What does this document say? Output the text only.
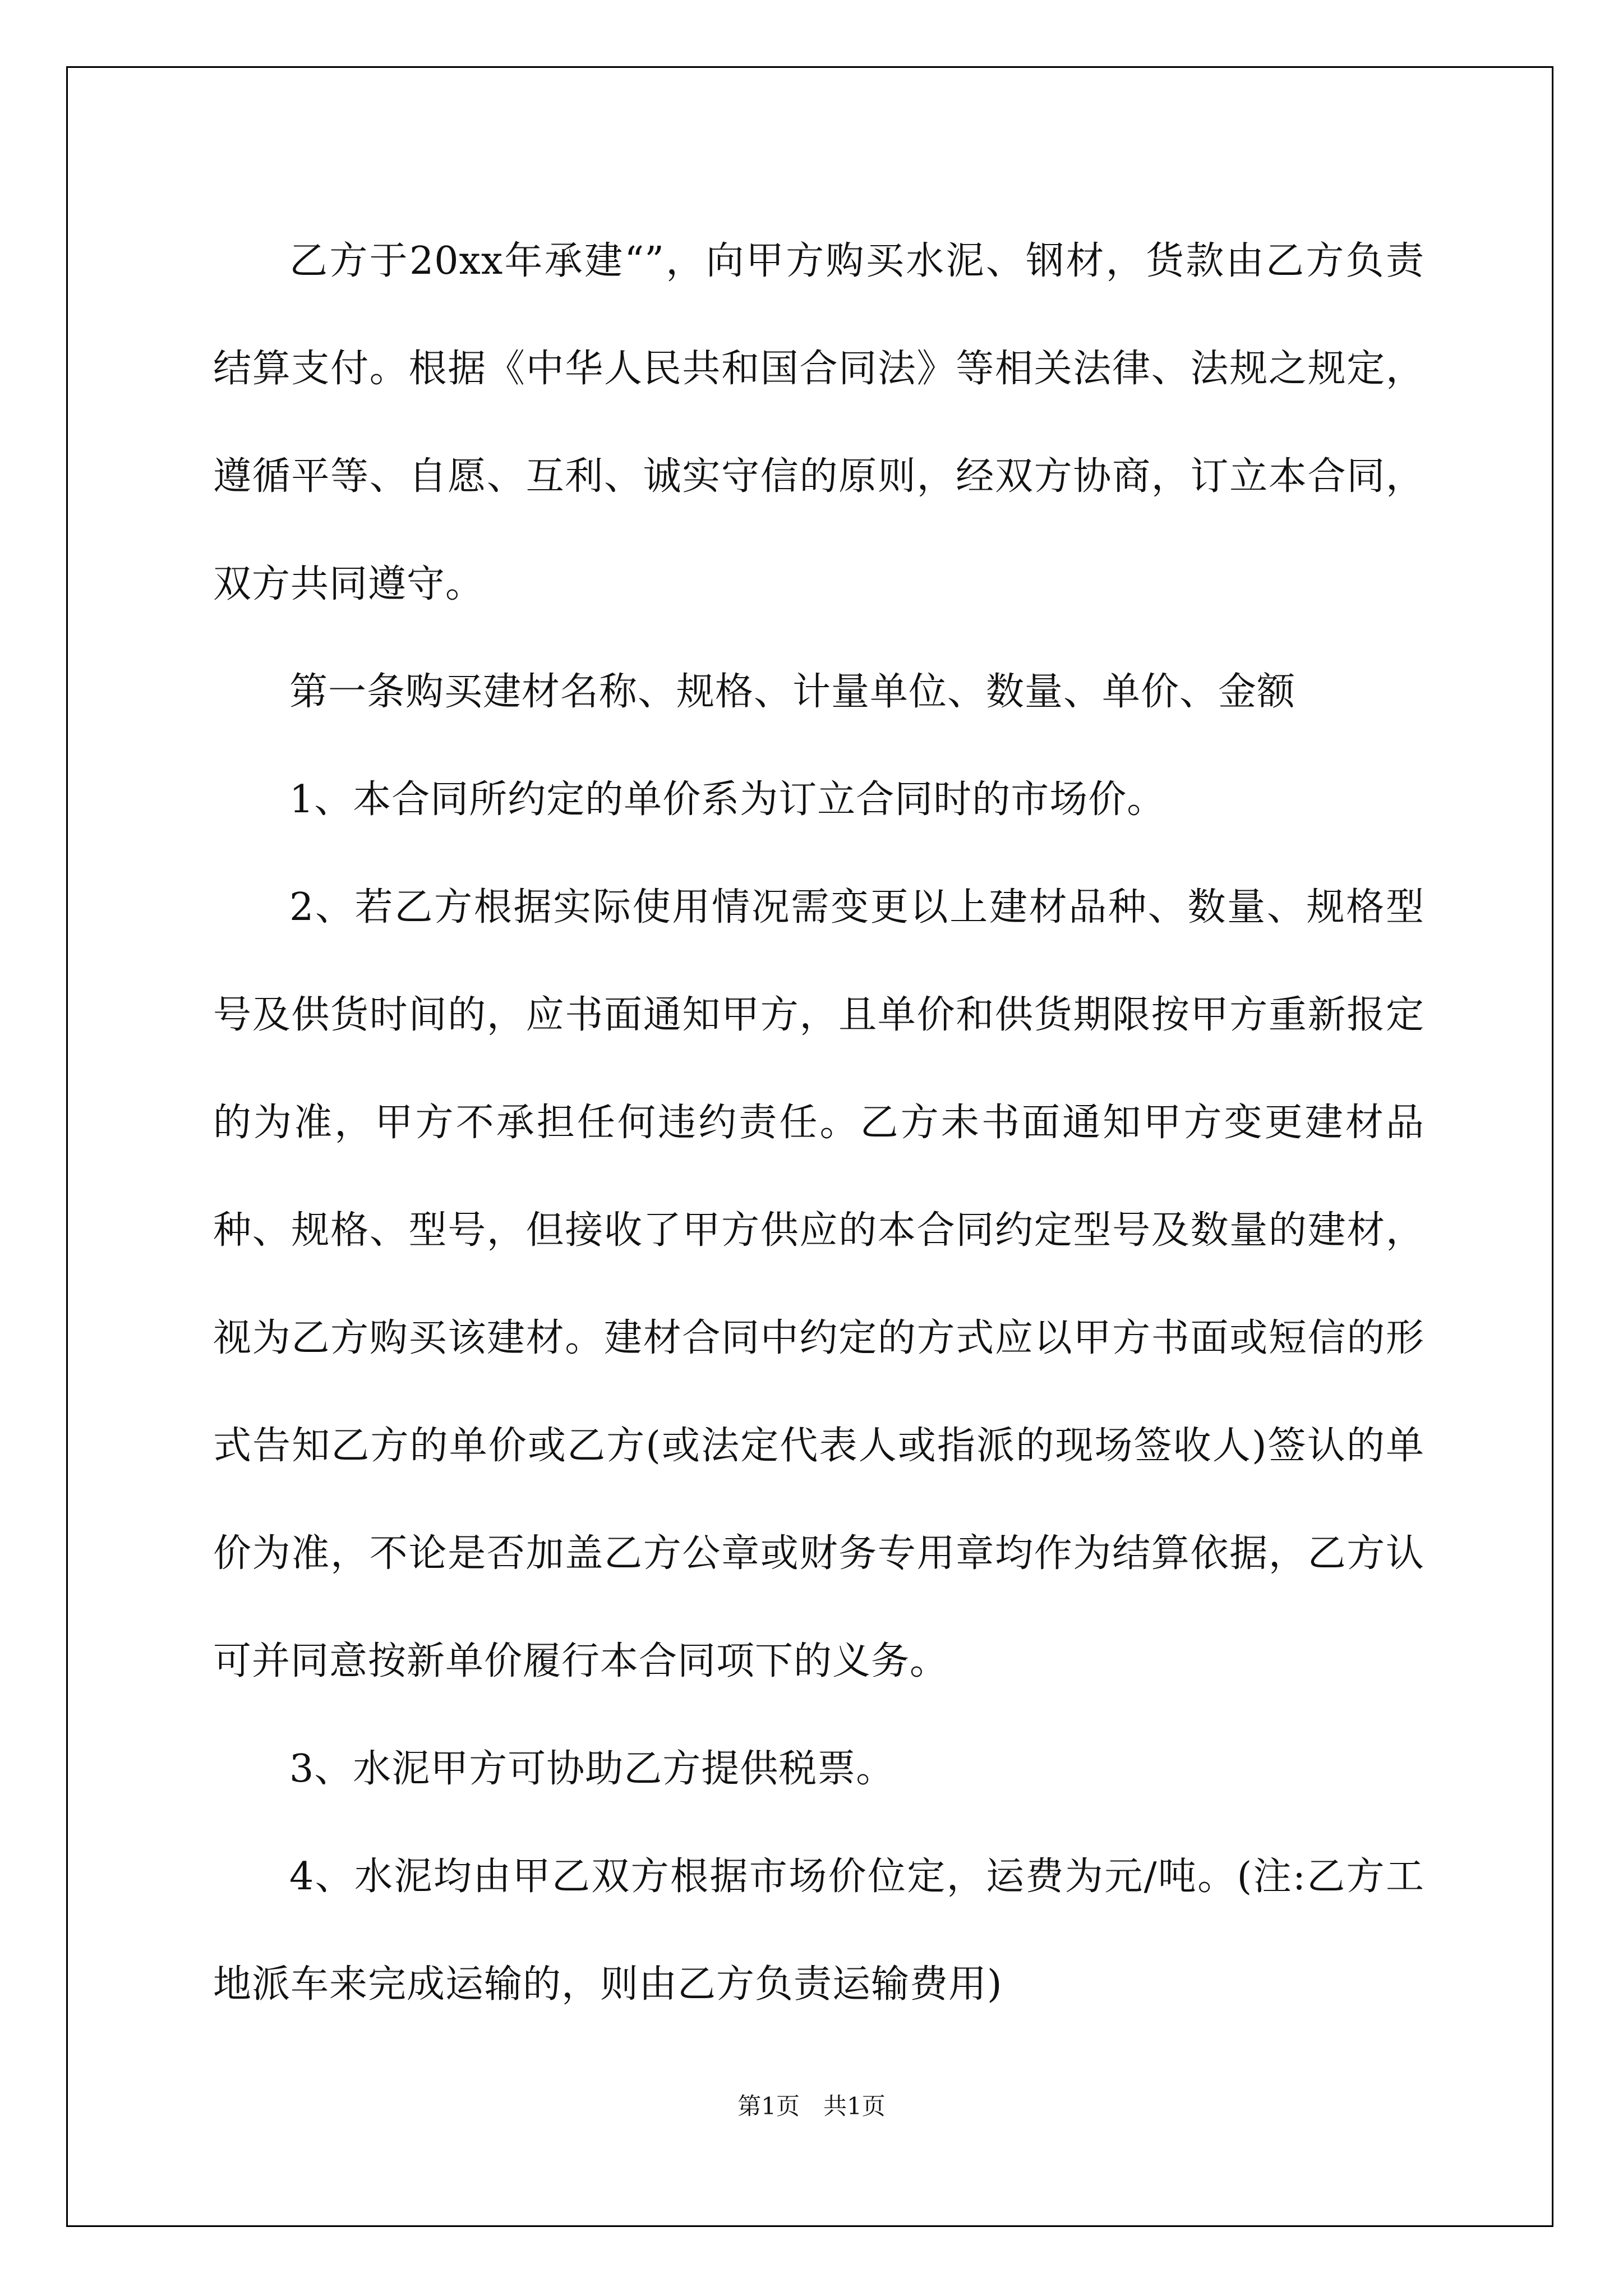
乙方于20xx年承建“”，向甲方购买水泥、钢材，货款由乙方负责结算支付。根据《中华人民共和国合同法》等相关法律、法规之规定，遵循平等、自愿、互利、诚实守信的原则，经双方协商，订立本合同，双方共同遵守。

第一条购买建材名称、规格、计量单位、数量、单价、金额

1、本合同所约定的单价系为订立合同时的市场价。

2、若乙方根据实际使用情况需变更以上建材品种、数量、规格型号及供货时间的，应书面通知甲方，且单价和供货期限按甲方重新报定的为准，甲方不承担任何违约责任。乙方未书面通知甲方变更建材品种、规格、型号，但接收了甲方供应的本合同约定型号及数量的建材，视为乙方购买该建材。建材合同中约定的方式应以甲方书面或短信的形式告知乙方的单价或乙方(或法定代表人或指派的现场签收人)签认的单价为准，不论是否加盖乙方公章或财务专用章均作为结算依据，乙方认可并同意按新单价履行本合同项下的义务。

3、水泥甲方可协助乙方提供税票。

4、水泥均由甲乙双方根据市场价位定，运费为元/吨。(注:乙方工地派车来完成运输的，则由乙方负责运输费用)

第1页　共1页
